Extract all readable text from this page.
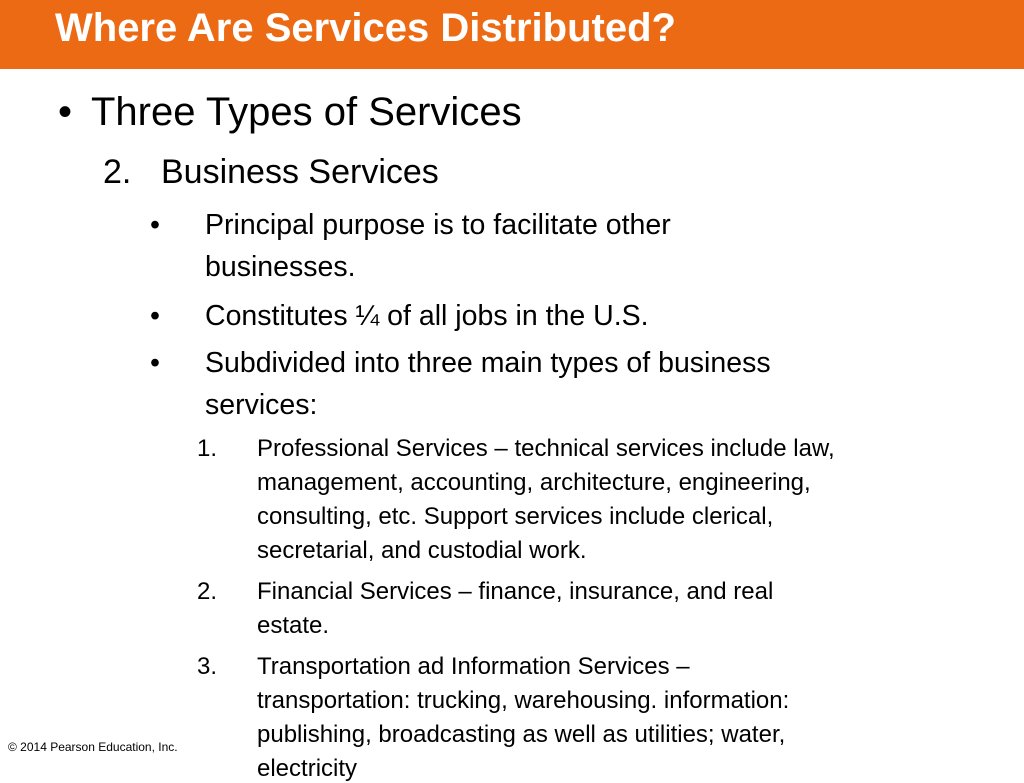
Where Are Services Distributed?
• Three Types of Services
2. Business Services
• Principal purpose is to facilitate other
businesses.
• Constitutes ¼ of all jobs in the U.S.
• Subdivided into three main types of business
services:
1. Professional Services – technical services include law,
management, accounting, architecture, engineering,
consulting, etc. Support services include clerical,
secretarial, and custodial work.
2. Financial Services – finance, insurance, and real
estate.
3. Transportation ad Information Services –
transportation: trucking, warehousing. information:
publishing, broadcasting as well as utilities; water,
electricity

© 2014 Pearson Education, Inc.
